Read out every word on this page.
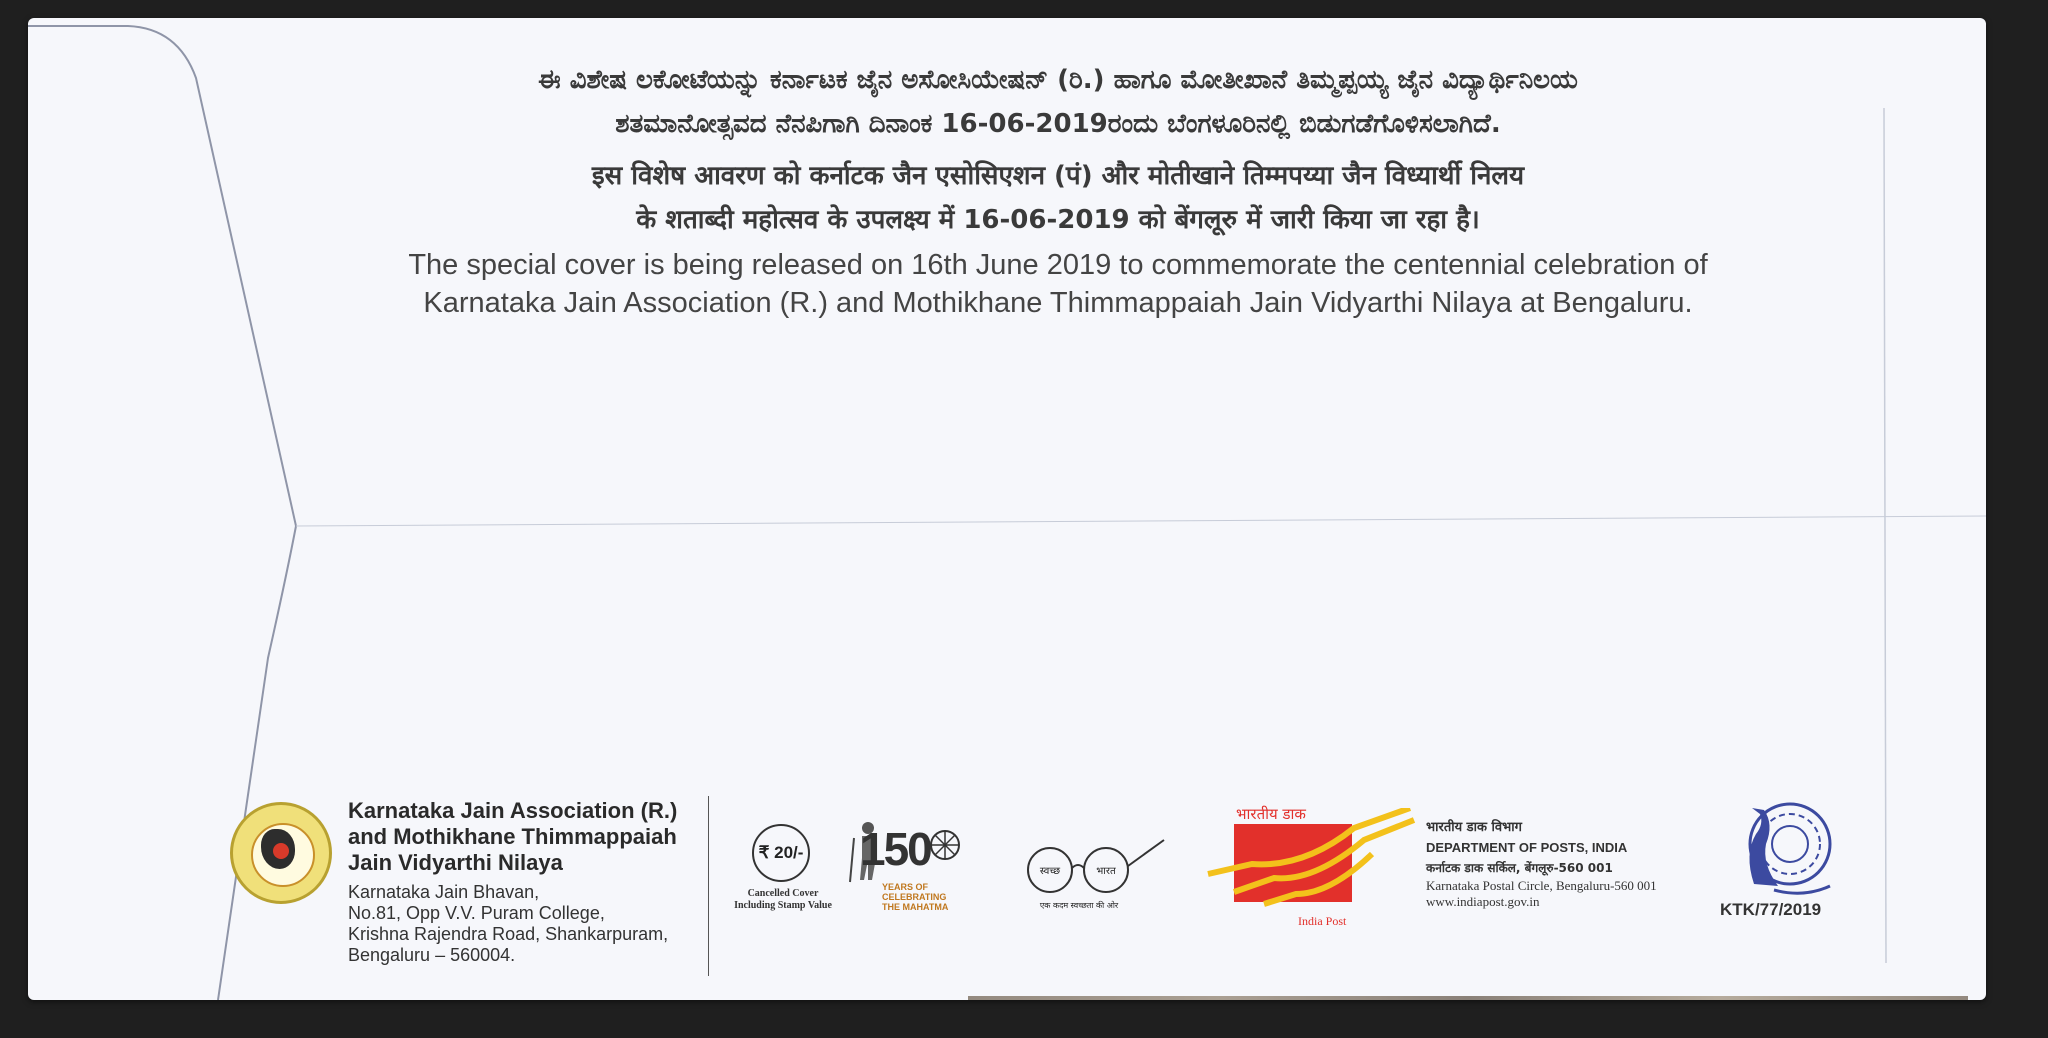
ಈ ವಿಶೇಷ ಲಕೋಟೆಯನ್ನು ಕರ್ನಾಟಕ ಜೈನ ಅಸೋಸಿಯೇಷನ್ (ರಿ.) ಹಾಗೂ ಮೋತೀಖಾನೆ ತಿಮ್ಮಪ್ಪಯ್ಯ ಜೈನ ವಿದ್ಯಾರ್ಥಿನಿಲಯ
ಶತಮಾನೋತ್ಸವದ ನೆನಪಿಗಾಗಿ ದಿನಾಂಕ 16-06-2019ರಂದು ಬೆಂಗಳೂರಿನಲ್ಲಿ ಬಿಡುಗಡೆಗೊಳಿಸಲಾಗಿದೆ.
इस विशेष आवरण को कर्नाटक जैन एसोसिएशन (पं) और मोतीखाने तिम्मपय्या जैन विध्यार्थी निलय
के शताब्दी महोत्सव के उपलक्ष्य में 16-06-2019 को बेंगलूरु में जारी किया जा रहा है।
The special cover is being released on 16th June 2019 to commemorate the centennial celebration of
Karnataka Jain Association (R.) and Mothikhane Thimmappaiah Jain Vidyarthi Nilaya at Bengaluru.
Karnataka Jain Association (R.)
and Mothikhane Thimmappaiah
Jain Vidyarthi Nilaya
Karnataka Jain Bhavan,
No.81, Opp V.V. Puram College,
Krishna Rajendra Road, Shankarpuram,
Bengaluru – 560004.
₹ 20/-
Cancelled Cover
Including Stamp Value
150
YEARS OF
CELEBRATING
THE MAHATMA
स्वच्छ	भारत
एक कदम स्वच्छता की ओर
भारतीय डाक
India Post
भारतीय डाक विभाग
DEPARTMENT OF POSTS, INDIA
कर्नाटक डाक सर्किल, बेंगलूरु-560 001
Karnataka Postal Circle, Bengaluru-560 001
www.indiapost.gov.in	KTK/77/2019
